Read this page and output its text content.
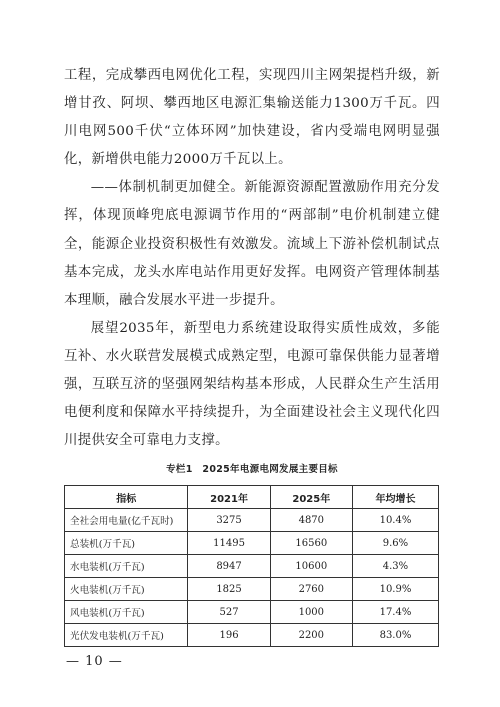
工程，完成攀西电网优化工程，实现四川主网架提档升级，新增甘孜、阿坝、攀西地区电源汇集输送能力1300万千瓦。四川电网500千伏“立体环网”加快建设，省内受端电网明显强化，新增供电能力2000万千瓦以上。

——体制机制更加健全。新能源资源配置激励作用充分发挥，体现顶峰兜底电源调节作用的“两部制”电价机制建立健全，能源企业投资积极性有效激发。流域上下游补偿机制试点基本完成，龙头水库电站作用更好发挥。电网资产管理体制基本理顺，融合发展水平进一步提升。

展望2035年，新型电力系统建设取得实质性成效，多能互补、水火联营发展模式成熟定型，电源可靠保供能力显著增强，互联互济的坚强网架结构基本形成，人民群众生产生活用电便利度和保障水平持续提升，为全面建设社会主义现代化四川提供安全可靠电力支撑。

专栏1　2025年电源电网发展主要目标
指标	2021年	2025年	年均增长
全社会用电量(亿千瓦时)	3275	4870	10.4%
总装机(万千瓦)	11495	16560	9.6%
水电装机(万千瓦)	8947	10600	4.3%
火电装机(万千瓦)	1825	2760	10.9%
风电装机(万千瓦)	527	1000	17.4%
光伏发电装机(万千瓦)	196	2200	83.0%
— 10 —
